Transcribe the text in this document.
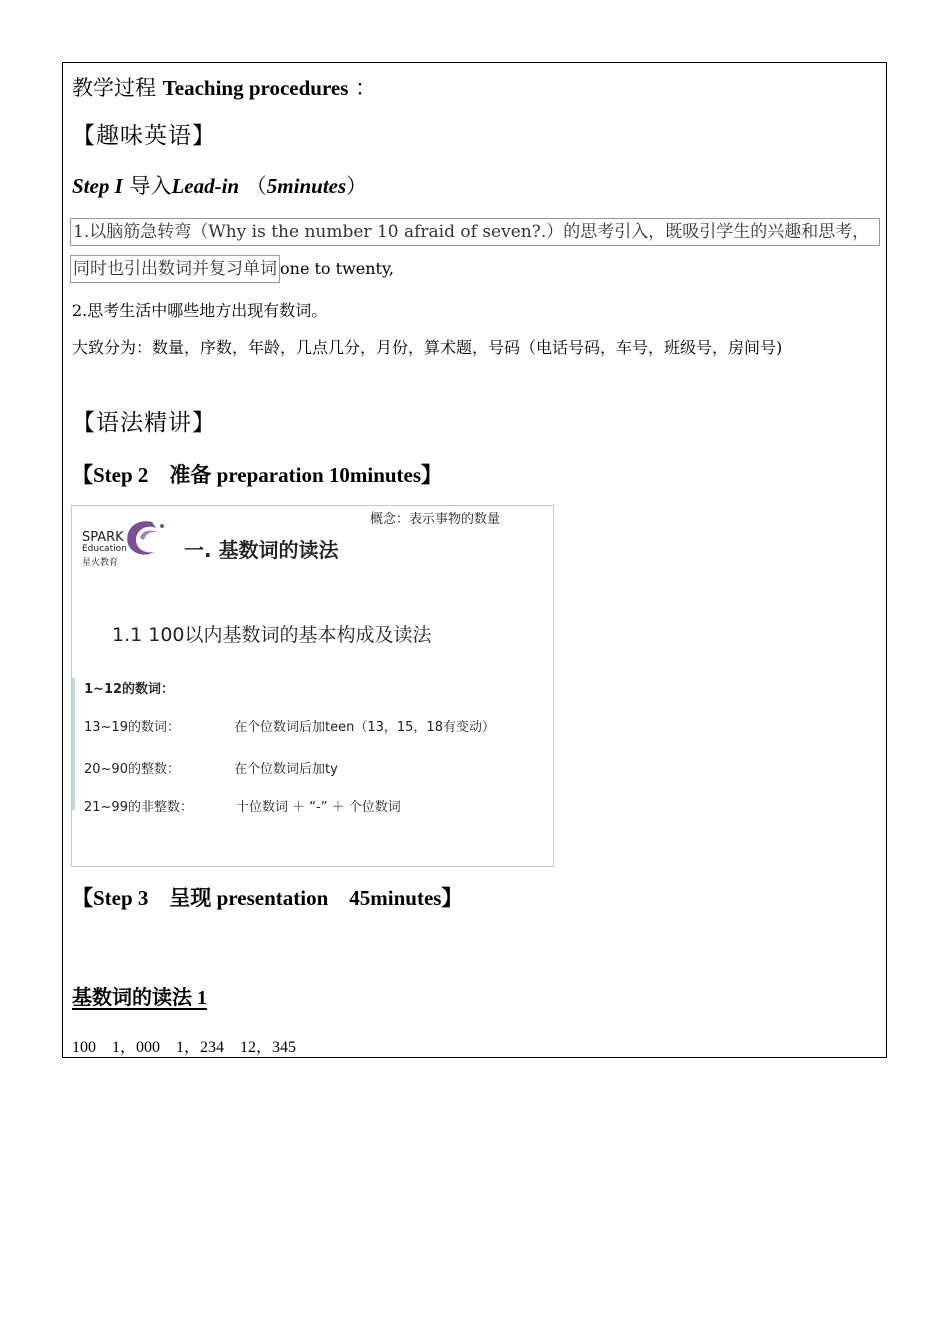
教学过程 Teaching procedures ：
【趣味英语】
Step I 导入Lead-in （5minutes）
1.以脑筋急转弯（Why is the number 10 afraid of seven?.）的思考引入，既吸引学生的兴趣和思考，
同时也引出数词并复习单词 one to twenty,
2.思考生活中哪些地方出现有数词。
大致分为：数量，序数，年龄，几点几分，月份，算术题，号码（电话号码，车号，班级号，房间号)
【语法精讲】
【Step 2　准备 preparation 10minutes】
SPARK
Education
星火教育
概念：表示事物的数量
一. 基数词的读法
1.1 100以内基数词的基本构成及读法
1~12的数词：
13~19的数词：	在个位数词后加teen（13，15，18有变动）
20~90的整数：	在个位数词后加ty
21~99的非整数：	十位数词 ＋ “-” ＋ 个位数词
【Step 3　呈现 presentation　45minutes】
基数词的读法 1
100　1，000　1，234　12，345
